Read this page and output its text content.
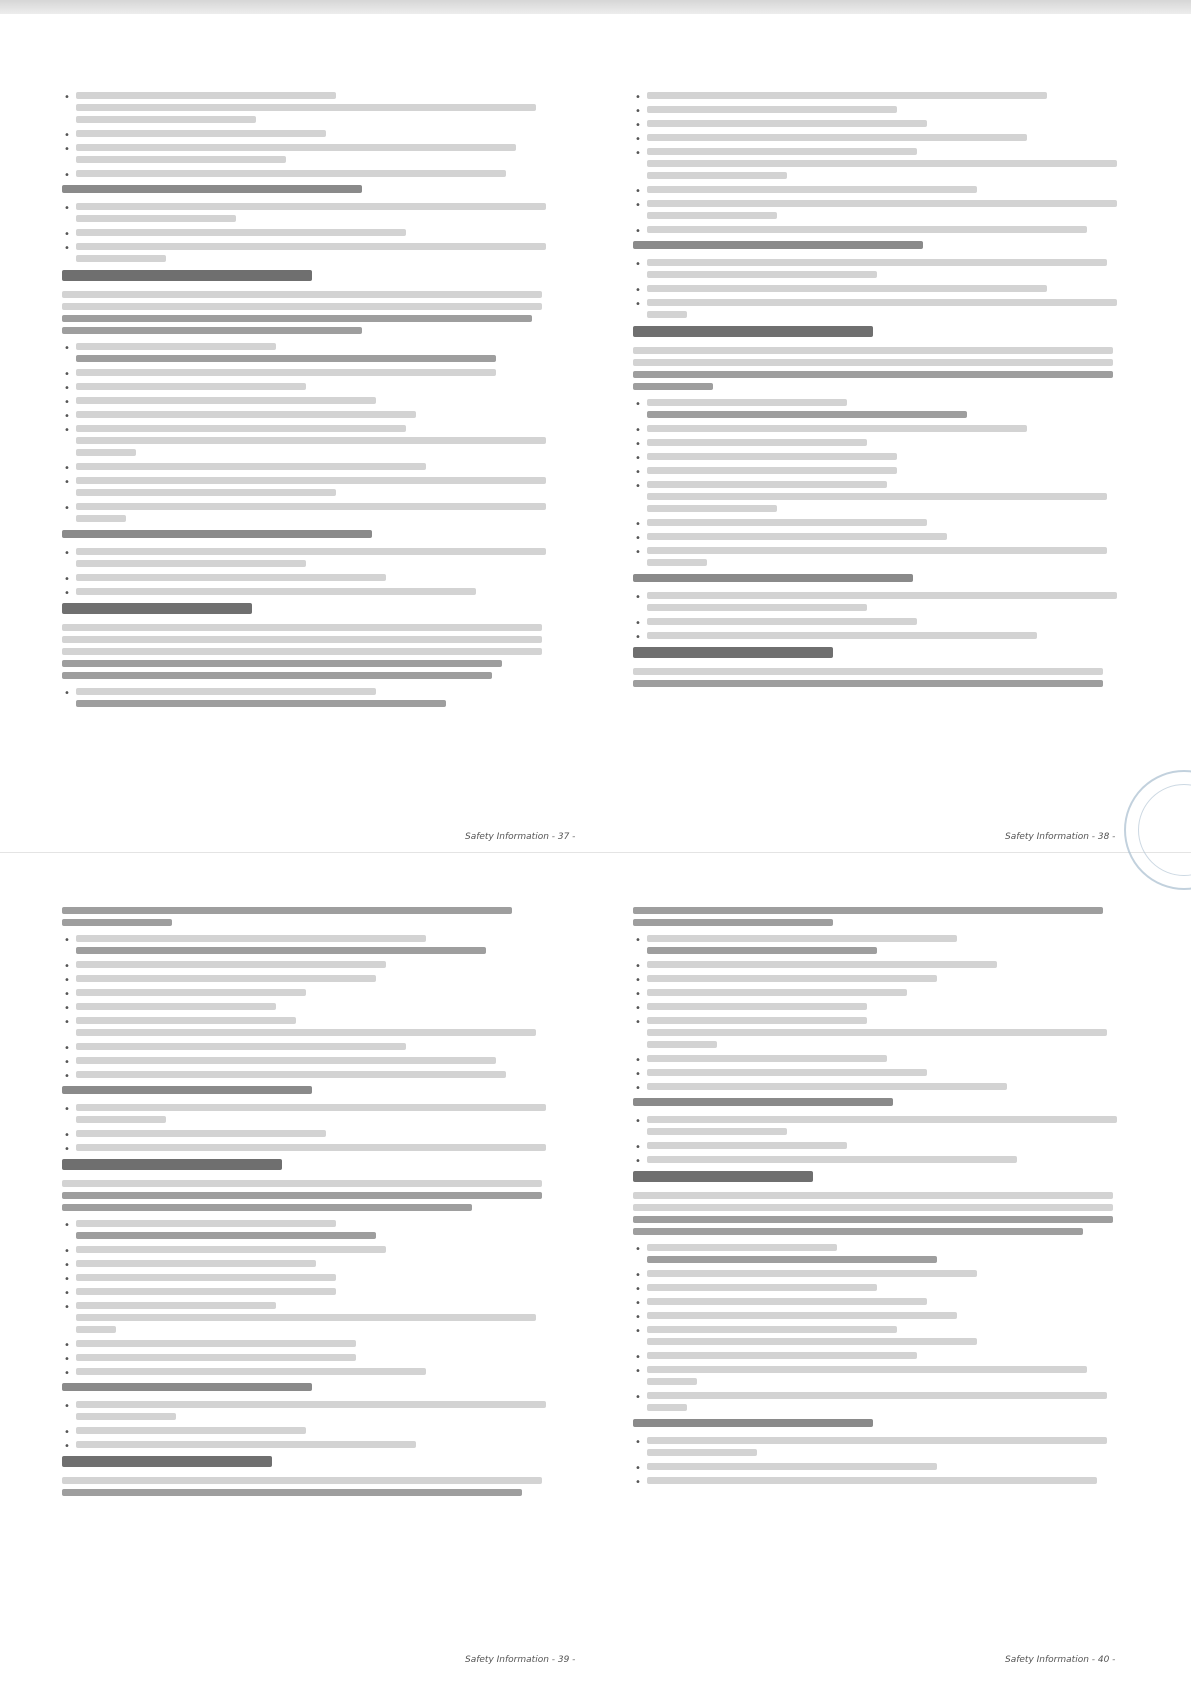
•
•
•
•
•
•
•
•
•
•
•
•
•
•
•
•
•
•
•
•
Safety Information - 37 -
•
•
•
•
•
•
•
•
•
•
•
•
•
•
•
•
•
•
•
•
•
•
•	Safety Information - 38 -
•
•
•
•
•
•
•
•
•
•
•
•
•
•
•
•
•
•
•
•
•
•
•
•
Safety Information - 39 -
•
•
•
•
•
•
•
•
•
•
•
•
•
•
•
•
•
•
•
•
•
•
•
•	Safety Information - 40 -
